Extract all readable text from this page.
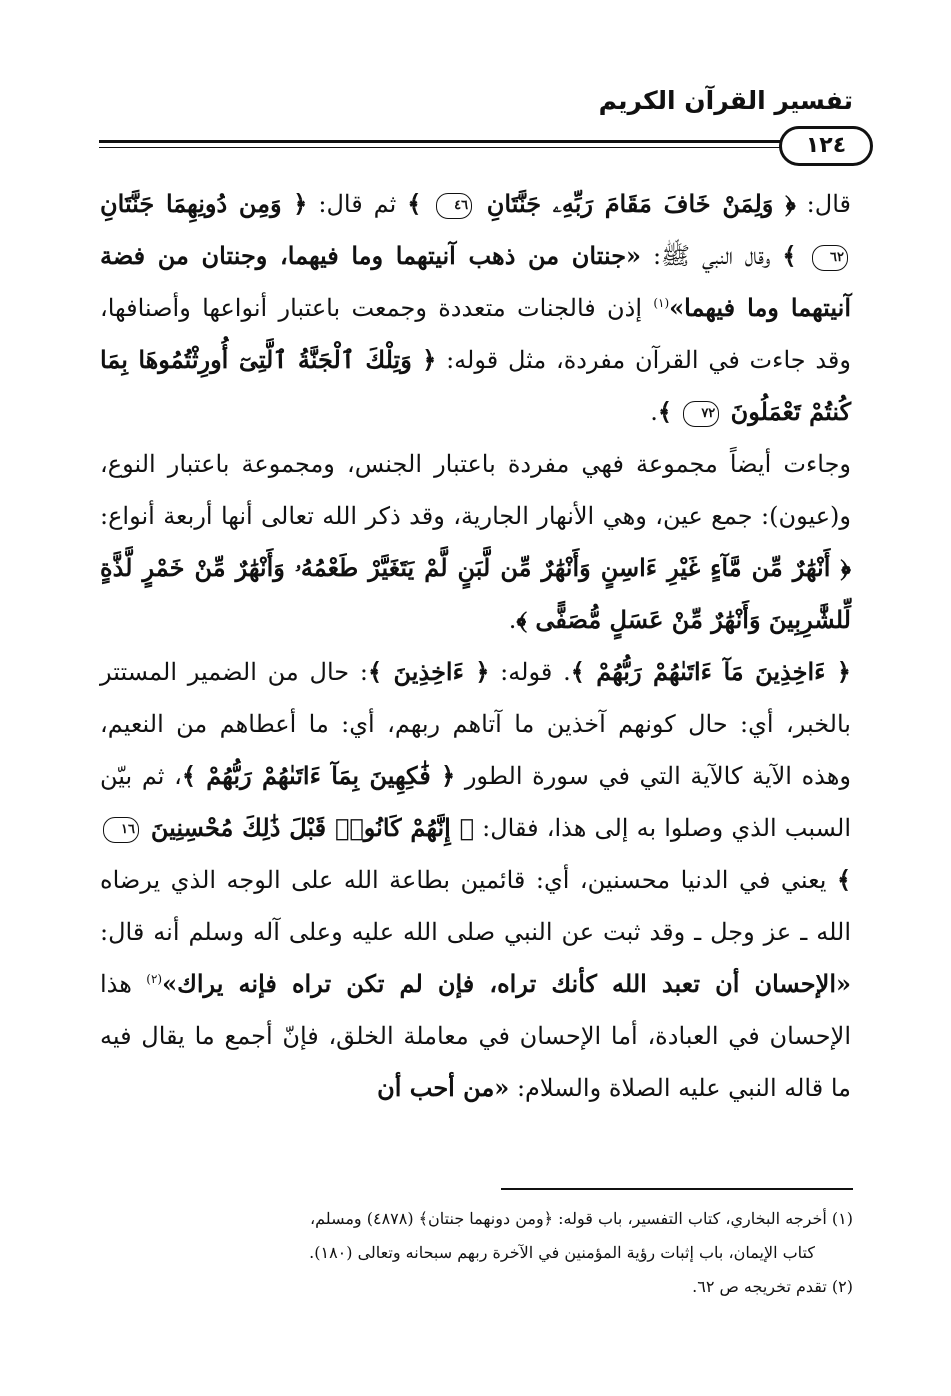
تفسير القرآن الكريم
١٢٤

قال: ﴿ وَلِمَنْ خَافَ مَقَامَ رَبِّهِۦ جَنَّتَانِ ٤٦ ﴾ ثم قال: ﴿ وَمِن دُونِهِمَا جَنَّتَانِ ٦٢ ﴾ وقال النبي ﷺ: «جنتان من ذهب آنيتهما وما فيهما، وجنتان من فضة آنيتهما وما فيهما»$^{(١)}$ إذن فالجنات متعددة وجمعت باعتبار أنواعها وأصنافها، وقد جاءت في القرآن مفردة، مثل قوله: ﴿ وَتِلْكَ ٱلْجَنَّةُ ٱلَّتِىٓ أُورِثْتُمُوهَا بِمَا كُنتُمْ تَعْمَلُونَ ٧٢ ﴾.

وجاءت أيضاً مجموعة فهي مفردة باعتبار الجنس، ومجموعة باعتبار النوع، و(عيون): جمع عين، وهي الأنهار الجارية، وقد ذكر الله تعالى أنها أربعة أنواع: ﴿ أَنْهَٰرٌ مِّن مَّآءٍ غَيْرِ ءَاسِنٍ وَأَنْهَٰرٌ مِّن لَّبَنٍ لَّمْ يَتَغَيَّرْ طَعْمُهُۥ وَأَنْهَٰرٌ مِّنْ خَمْرٍ لَّذَّةٍ لِّلشَّٰرِبِينَ وَأَنْهَٰرٌ مِّنْ عَسَلٍ مُّصَفًّى ﴾.

﴿ ءَاخِذِينَ مَآ ءَاتَىٰهُمْ رَبُّهُمْ ﴾. قوله: ﴿ ءَاخِذِينَ ﴾: حال من الضمير المستتر بالخبر، أي: حال كونهم آخذين ما آتاهم ربهم، أي: ما أعطاهم من النعيم، وهذه الآية كالآية التي في سورة الطور ﴿ فَٰكِهِينَ بِمَآ ءَاتَىٰهُمْ رَبُّهُمْ ﴾، ثم بيّن السبب الذي وصلوا به إلى هذا، فقال: ﴿ إِنَّهُمْ كَانُوا۟ قَبْلَ ذَٰلِكَ مُحْسِنِينَ ١٦ ﴾ يعني في الدنيا محسنين، أي: قائمين بطاعة الله على الوجه الذي يرضاه الله ـ عز وجل ـ وقد ثبت عن النبي صلى الله عليه وعلى آله وسلم أنه قال: «الإحسان أن تعبد الله كأنك تراه، فإن لم تكن تراه فإنه يراك»$^{(٢)}$ هذا الإحسان في العبادة، أما الإحسان في معاملة الخلق، فإنّ أجمع ما يقال فيه ما قاله النبي عليه الصلاة والسلام: «من أحب أن

(١) أخرجه البخاري، كتاب التفسير، باب قوله: ﴿ومن دونهما جنتان﴾ (٤٨٧٨) ومسلم،

كتاب الإيمان، باب إثبات رؤية المؤمنين في الآخرة ربهم سبحانه وتعالى (١٨٠).

(٢) تقدم تخريجه ص ٦٢.
